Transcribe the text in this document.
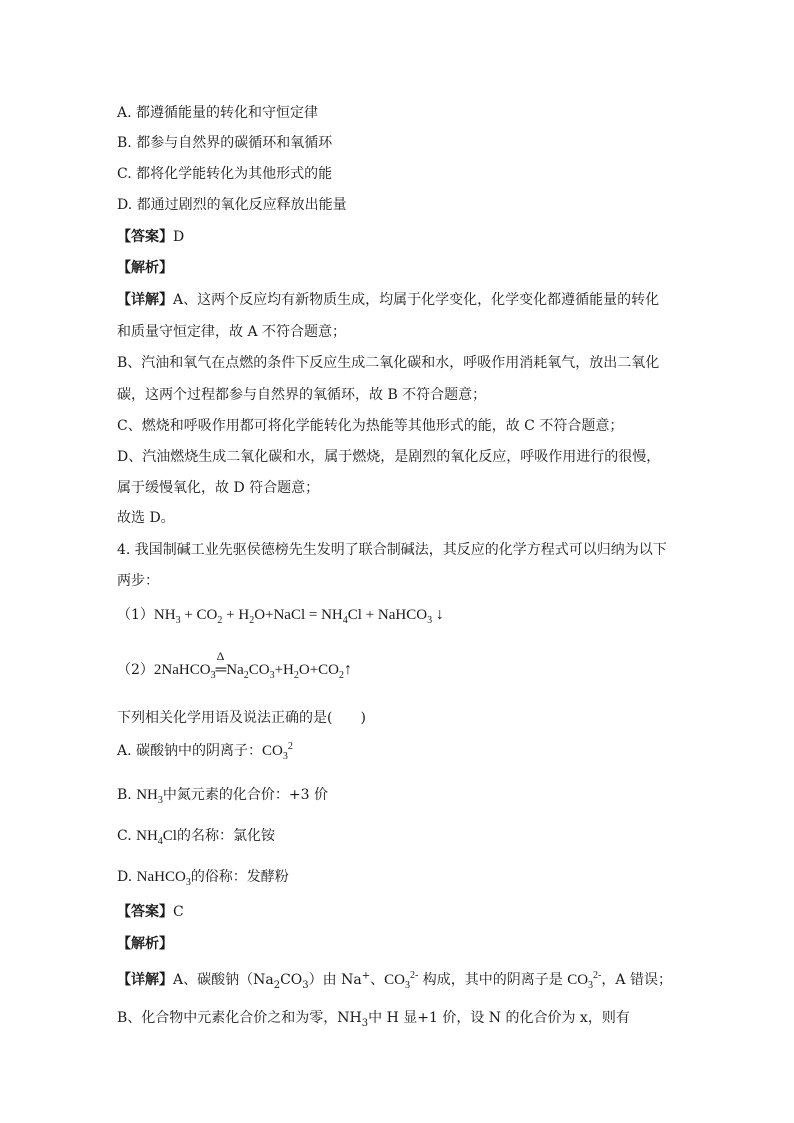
A. 都遵循能量的转化和守恒定律
B. 都参与自然界的碳循环和氧循环
C. 都将化学能转化为其他形式的能
D. 都通过剧烈的氧化反应释放出能量
【答案】D
【解析】
【详解】A、这两个反应均有新物质生成，均属于化学变化，化学变化都遵循能量的转化
和质量守恒定律，故 A 不符合题意；
B、汽油和氧气在点燃的条件下反应生成二氧化碳和水，呼吸作用消耗氧气，放出二氧化
碳，这两个过程都参与自然界的氧循环，故 B 不符合题意；
C、燃烧和呼吸作用都可将化学能转化为热能等其他形式的能，故 C 不符合题意；
D、汽油燃烧生成二氧化碳和水，属于燃烧，是剧烈的氧化反应，呼吸作用进行的很慢，
属于缓慢氧化，故 D 符合题意；
故选 D。
4. 我国制碱工业先驱侯德榜先生发明了联合制碱法，其反应的化学方程式可以归纳为以下
两步：
$(1)NH_3 + CO_2$ + $H_2O+NaCl = NH_4Cl$ + NaHCO$_3$ ↓
（2）2NaHCO$_3$
Δ
$═Na_2CO_3+H_2O+CO_2↑$
下列相关化学用语及说法正确的是(　　)
A. 碳酸钠中的阴离子：$CO_3^2$
B. $NH_3$中氮元素的化合价：+3 价
C. $NH_4Cl$的名称：氯化铵
D. NaHCO$_3$的俗称：发酵粉
【答案】C
【解析】
【详解】A、碳酸钠$(Na_2CO_3)$由 Na+、$CO_3^{2-}$ 构成，其中的阴离子是 $CO_3^{2-}$，A 错误；
B、化合物中元素化合价之和为零，$NH_3$中 H 显+1 价，设 N 的化合价为 x，则有
